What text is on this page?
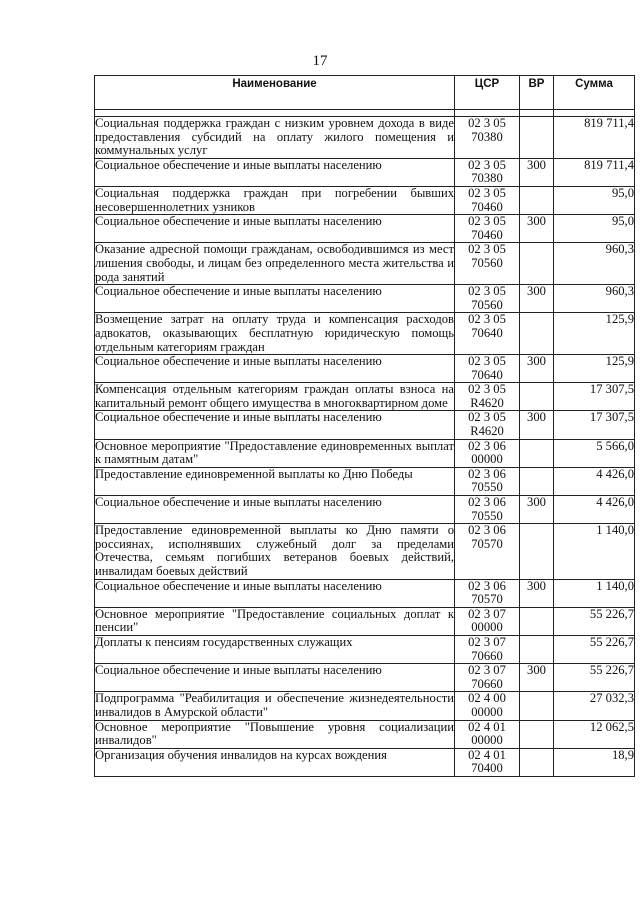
17
Наименование	ЦСР	ВР	Сумма

Социальная поддержка граждан с низким уровнем дохода в виде предоставления субсидий на оплату жилого помещения и коммунальных услуг	02 3 05 70380		819 711,4
Социальное обеспечение и иные выплаты населению	02 3 05 70380	300	819 711,4
Социальная поддержка граждан при погребении бывших несовершеннолетних узников	02 3 05 70460		95,0
Социальное обеспечение и иные выплаты населению	02 3 05 70460	300	95,0
Оказание адресной помощи гражданам, освободившимся из мест лишения свободы, и лицам без определенного места жительства и рода занятий	02 3 05 70560		960,3
Социальное обеспечение и иные выплаты населению	02 3 05 70560	300	960,3
Возмещение затрат на оплату труда и компенсация расходов адвокатов, оказывающих бесплатную юридическую помощь отдельным категориям граждан	02 3 05 70640		125,9
Социальное обеспечение и иные выплаты населению	02 3 05 70640	300	125,9
Компенсация отдельным категориям граждан оплаты взноса на капитальный ремонт общего имущества в многоквартирном доме	02 3 05 R4620		17 307,5
Социальное обеспечение и иные выплаты населению	02 3 05 R4620	300	17 307,5
Основное мероприятие "Предоставление единовременных выплат к памятным датам"	02 3 06 00000		5 566,0
Предоставление единовременной выплаты ко Дню Победы	02 3 06 70550		4 426,0
Социальное обеспечение и иные выплаты населению	02 3 06 70550	300	4 426,0
Предоставление единовременной выплаты ко Дню памяти о россиянах, исполнявших служебный долг за пределами Отечества, семьям погибших ветеранов боевых действий, инвалидам боевых действий	02 3 06 70570		1 140,0
Социальное обеспечение и иные выплаты населению	02 3 06 70570	300	1 140,0
Основное мероприятие "Предоставление социальных доплат к пенсии"	02 3 07 00000		55 226,7
Доплаты к пенсиям государственных служащих	02 3 07 70660		55 226,7
Социальное обеспечение и иные выплаты населению	02 3 07 70660	300	55 226,7
Подпрограмма "Реабилитация и обеспечение жизнедеятельности инвалидов в Амурской области"	02 4 00 00000		27 032,3
Основное мероприятие "Повышение уровня социализации инвалидов"	02 4 01 00000		12 062,5
Организация обучения инвалидов на курсах вождения	02 4 01 70400		18,9
